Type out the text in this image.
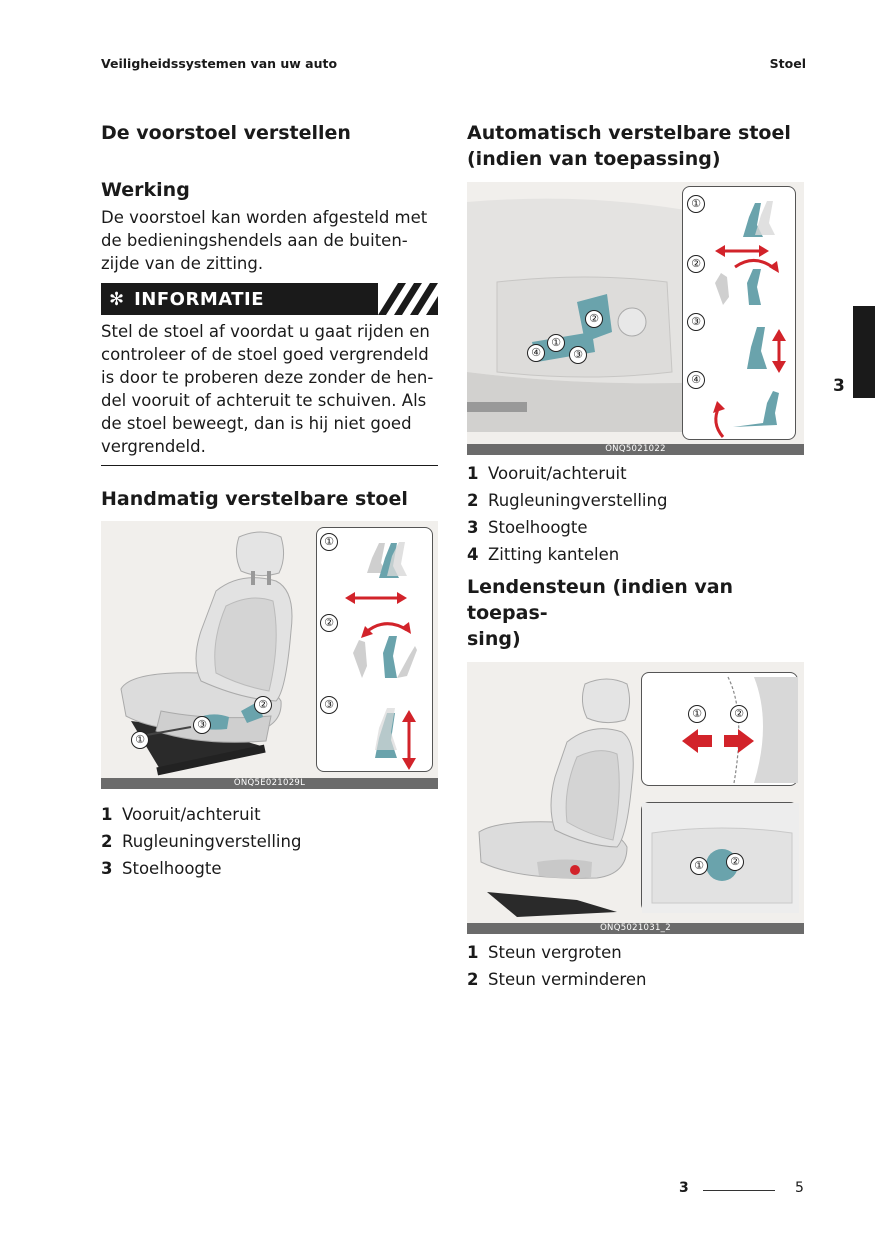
Veiligheidssystemen van uw auto	Stoel
3
De voorstoel verstellen
Werking

De voorstoel kan worden afgesteld met de bedieningshendels aan de buiten-zijde van de zitting.

✻ INFORMATIE

Stel de stoel af voordat u gaat rijden en controleer of de stoel goed vergrendeld is door te proberen deze zonder de hen-del vooruit of achteruit te schuiven. Als de stoel beweegt, dan is hij niet goed vergrendeld.

Handmatig verstelbare stoel
①
③
②
①
②
③
ONQ5E021029L
1 Vooruit/achteruit
2 Rugleuningverstelling
3 Stoelhoogte
Automatisch verstelbare stoel
(indien van toepassing)
②
①
④	③
①
②
③
④
ONQ5021022
1 Vooruit/achteruit
2 Rugleuningverstelling
3 Stoelhoogte
4 Zitting kantelen
Lendensteun (indien van toepas-
sing)
①	②
①	②
ONQ5021031_2
1 Steun vergroten
2 Steun verminderen
3	5
